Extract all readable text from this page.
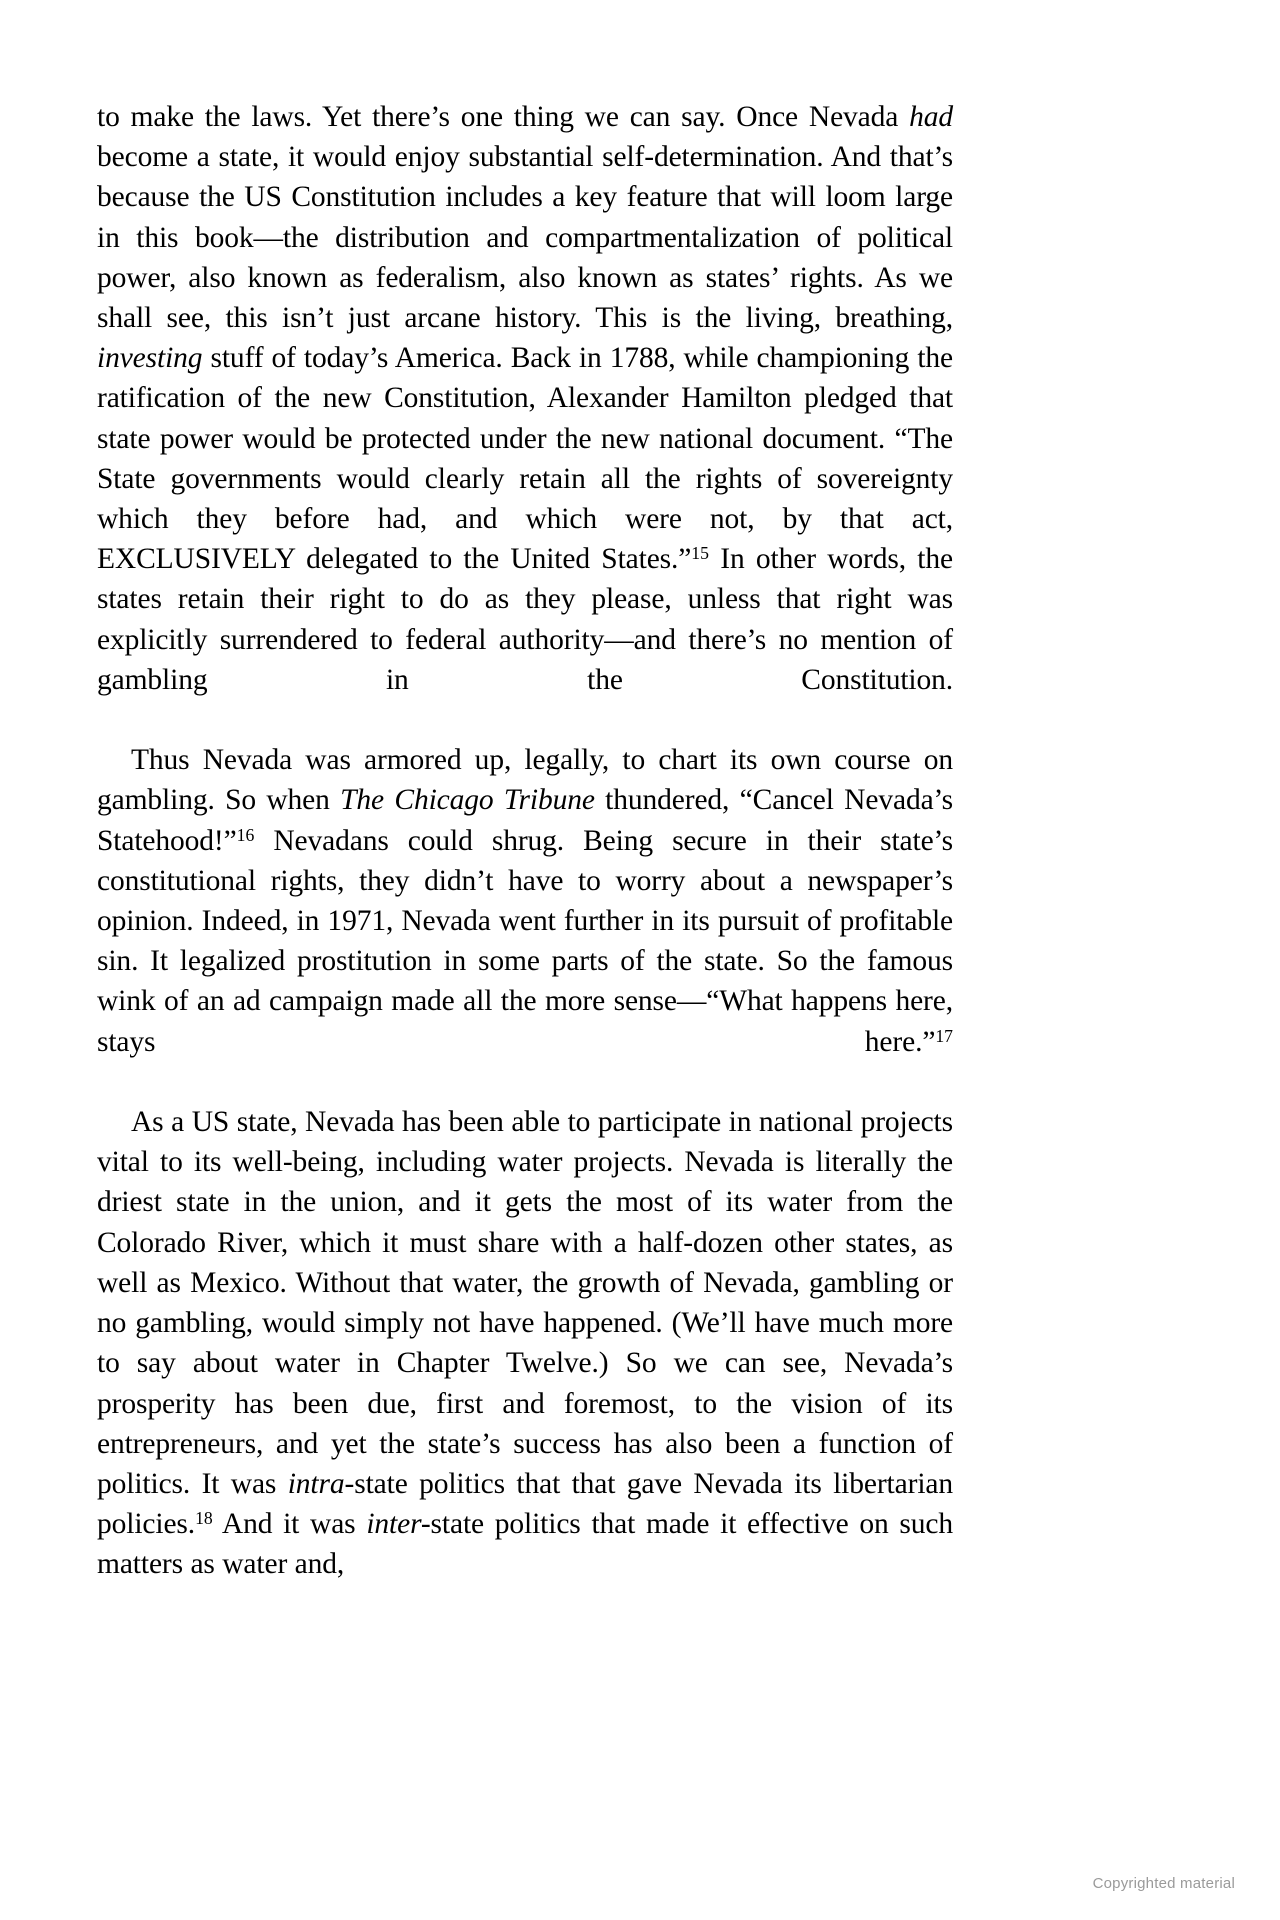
to make the laws. Yet there’s one thing we can say. Once Nevada had become a state, it would enjoy substantial self-determination. And that’s because the US Constitution includes a key feature that will loom large in this book—the distribution and compartmentalization of political power, also known as federalism, also known as states’ rights. As we shall see, this isn’t just arcane history. This is the living, breathing, investing stuff of today’s America. Back in 1788, while championing the ratification of the new Constitution, Alexander Hamilton pledged that state power would be protected under the new national document. “The State governments would clearly retain all the rights of sovereignty which they before had, and which were not, by that act, EXCLUSIVELY delegated to the United States.”$^{15}$ In other words, the states retain their right to do as they please, unless that right was explicitly surrendered to federal authority—and there’s no mention of gambling in the Constitution.

Thus Nevada was armored up, legally, to chart its own course on gambling. So when The Chicago Tribune thundered, “Cancel Nevada’s Statehood!”$^{16}$ Nevadans could shrug. Being secure in their state’s constitutional rights, they didn’t have to worry about a newspaper’s opinion. Indeed, in 1971, Nevada went further in its pursuit of profitable sin. It legalized prostitution in some parts of the state. So the famous wink of an ad campaign made all the more sense—“What happens here, stays here.”$^{17}$

As a US state, Nevada has been able to participate in national projects vital to its well-being, including water projects. Nevada is literally the driest state in the union, and it gets the most of its water from the Colorado River, which it must share with a half-dozen other states, as well as Mexico. Without that water, the growth of Nevada, gambling or no gambling, would simply not have happened. (We’ll have much more to say about water in Chapter Twelve.) So we can see, Nevada’s prosperity has been due, first and foremost, to the vision of its entrepreneurs, and yet the state’s success has also been a function of politics. It was intra-state politics that that gave Nevada its libertarian policies.$^{18}$ And it was inter-state politics that made it effective on such matters as water and,

Copyrighted material
